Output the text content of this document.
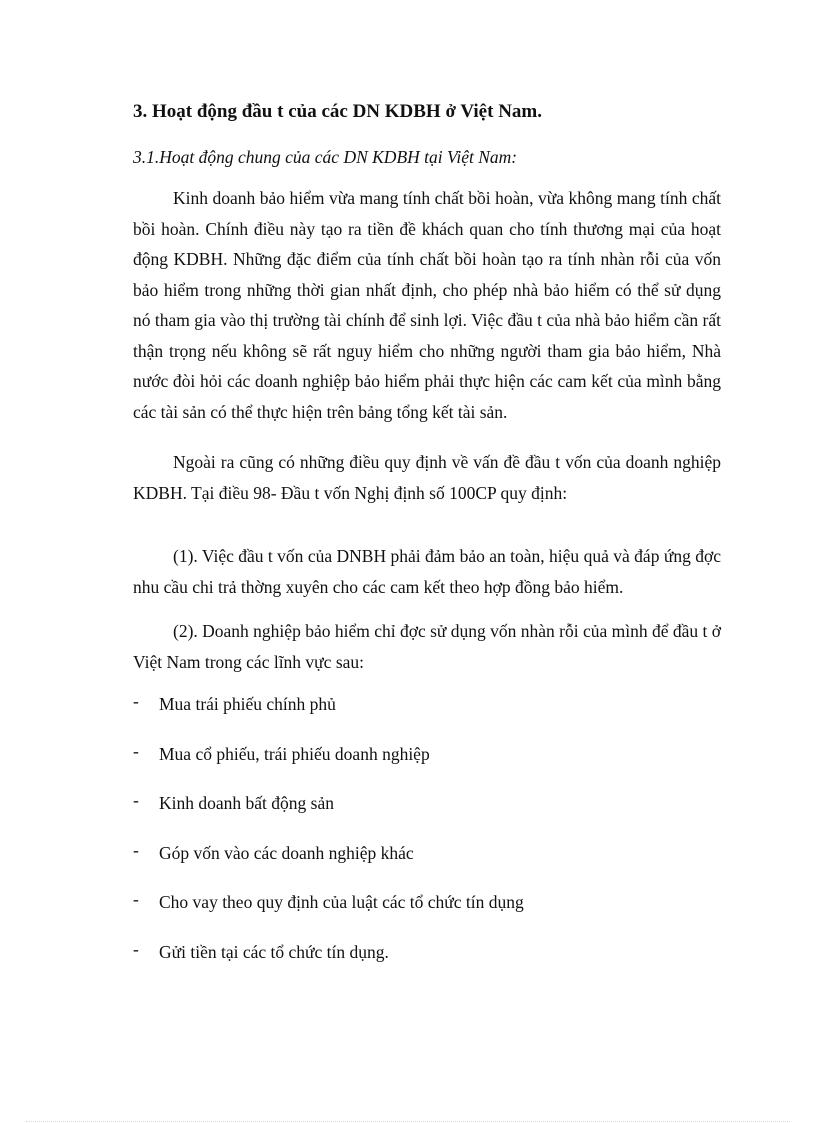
3. Hoạt động đầu t của các DN KDBH ở Việt Nam.
3.1.Hoạt động chung của các DN KDBH tại Việt Nam:

Kinh doanh bảo hiểm vừa mang tính chất bồi hoàn, vừa không mang tính chất bồi hoàn. Chính điều này tạo ra tiền đề khách quan cho tính thương mại của hoạt động KDBH. Những đặc điểm của tính chất bồi hoàn tạo ra tính nhàn rỗi của vốn bảo hiểm trong những thời gian nhất định, cho phép nhà bảo hiểm có thể sử dụng nó tham gia vào thị trường tài chính để sinh lợi. Việc đầu t của nhà bảo hiểm cần rất thận trọng nếu không sẽ rất nguy hiểm cho những người tham gia bảo hiểm, Nhà nước đòi hỏi các doanh nghiệp bảo hiểm phải thực hiện các cam kết của mình bằng các tài sản có thể thực hiện trên bảng tổng kết tài sản.

Ngoài ra cũng có những điều quy định về vấn đề đầu t vốn của doanh nghiệp KDBH. Tại điều 98- Đầu t vốn Nghị định số 100CP quy định:

(1). Việc đầu t vốn của DNBH phải đảm bảo an toàn, hiệu quả và đáp ứng đợc nhu cầu chi trả thờng xuyên cho các cam kết theo hợp đồng bảo hiểm.

(2). Doanh nghiệp bảo hiểm chỉ đợc sử dụng vốn nhàn rỗi của mình để đầu t ở Việt Nam trong các lĩnh vực sau:

-	Mua trái phiếu chính phủ
-	Mua cổ phiếu, trái phiếu doanh nghiệp
-	Kinh doanh bất động sản
-	Góp vốn vào các doanh nghiệp khác
-	Cho vay theo quy định của luật các tổ chức tín dụng
-	Gửi tiền tại các tổ chức tín dụng.
